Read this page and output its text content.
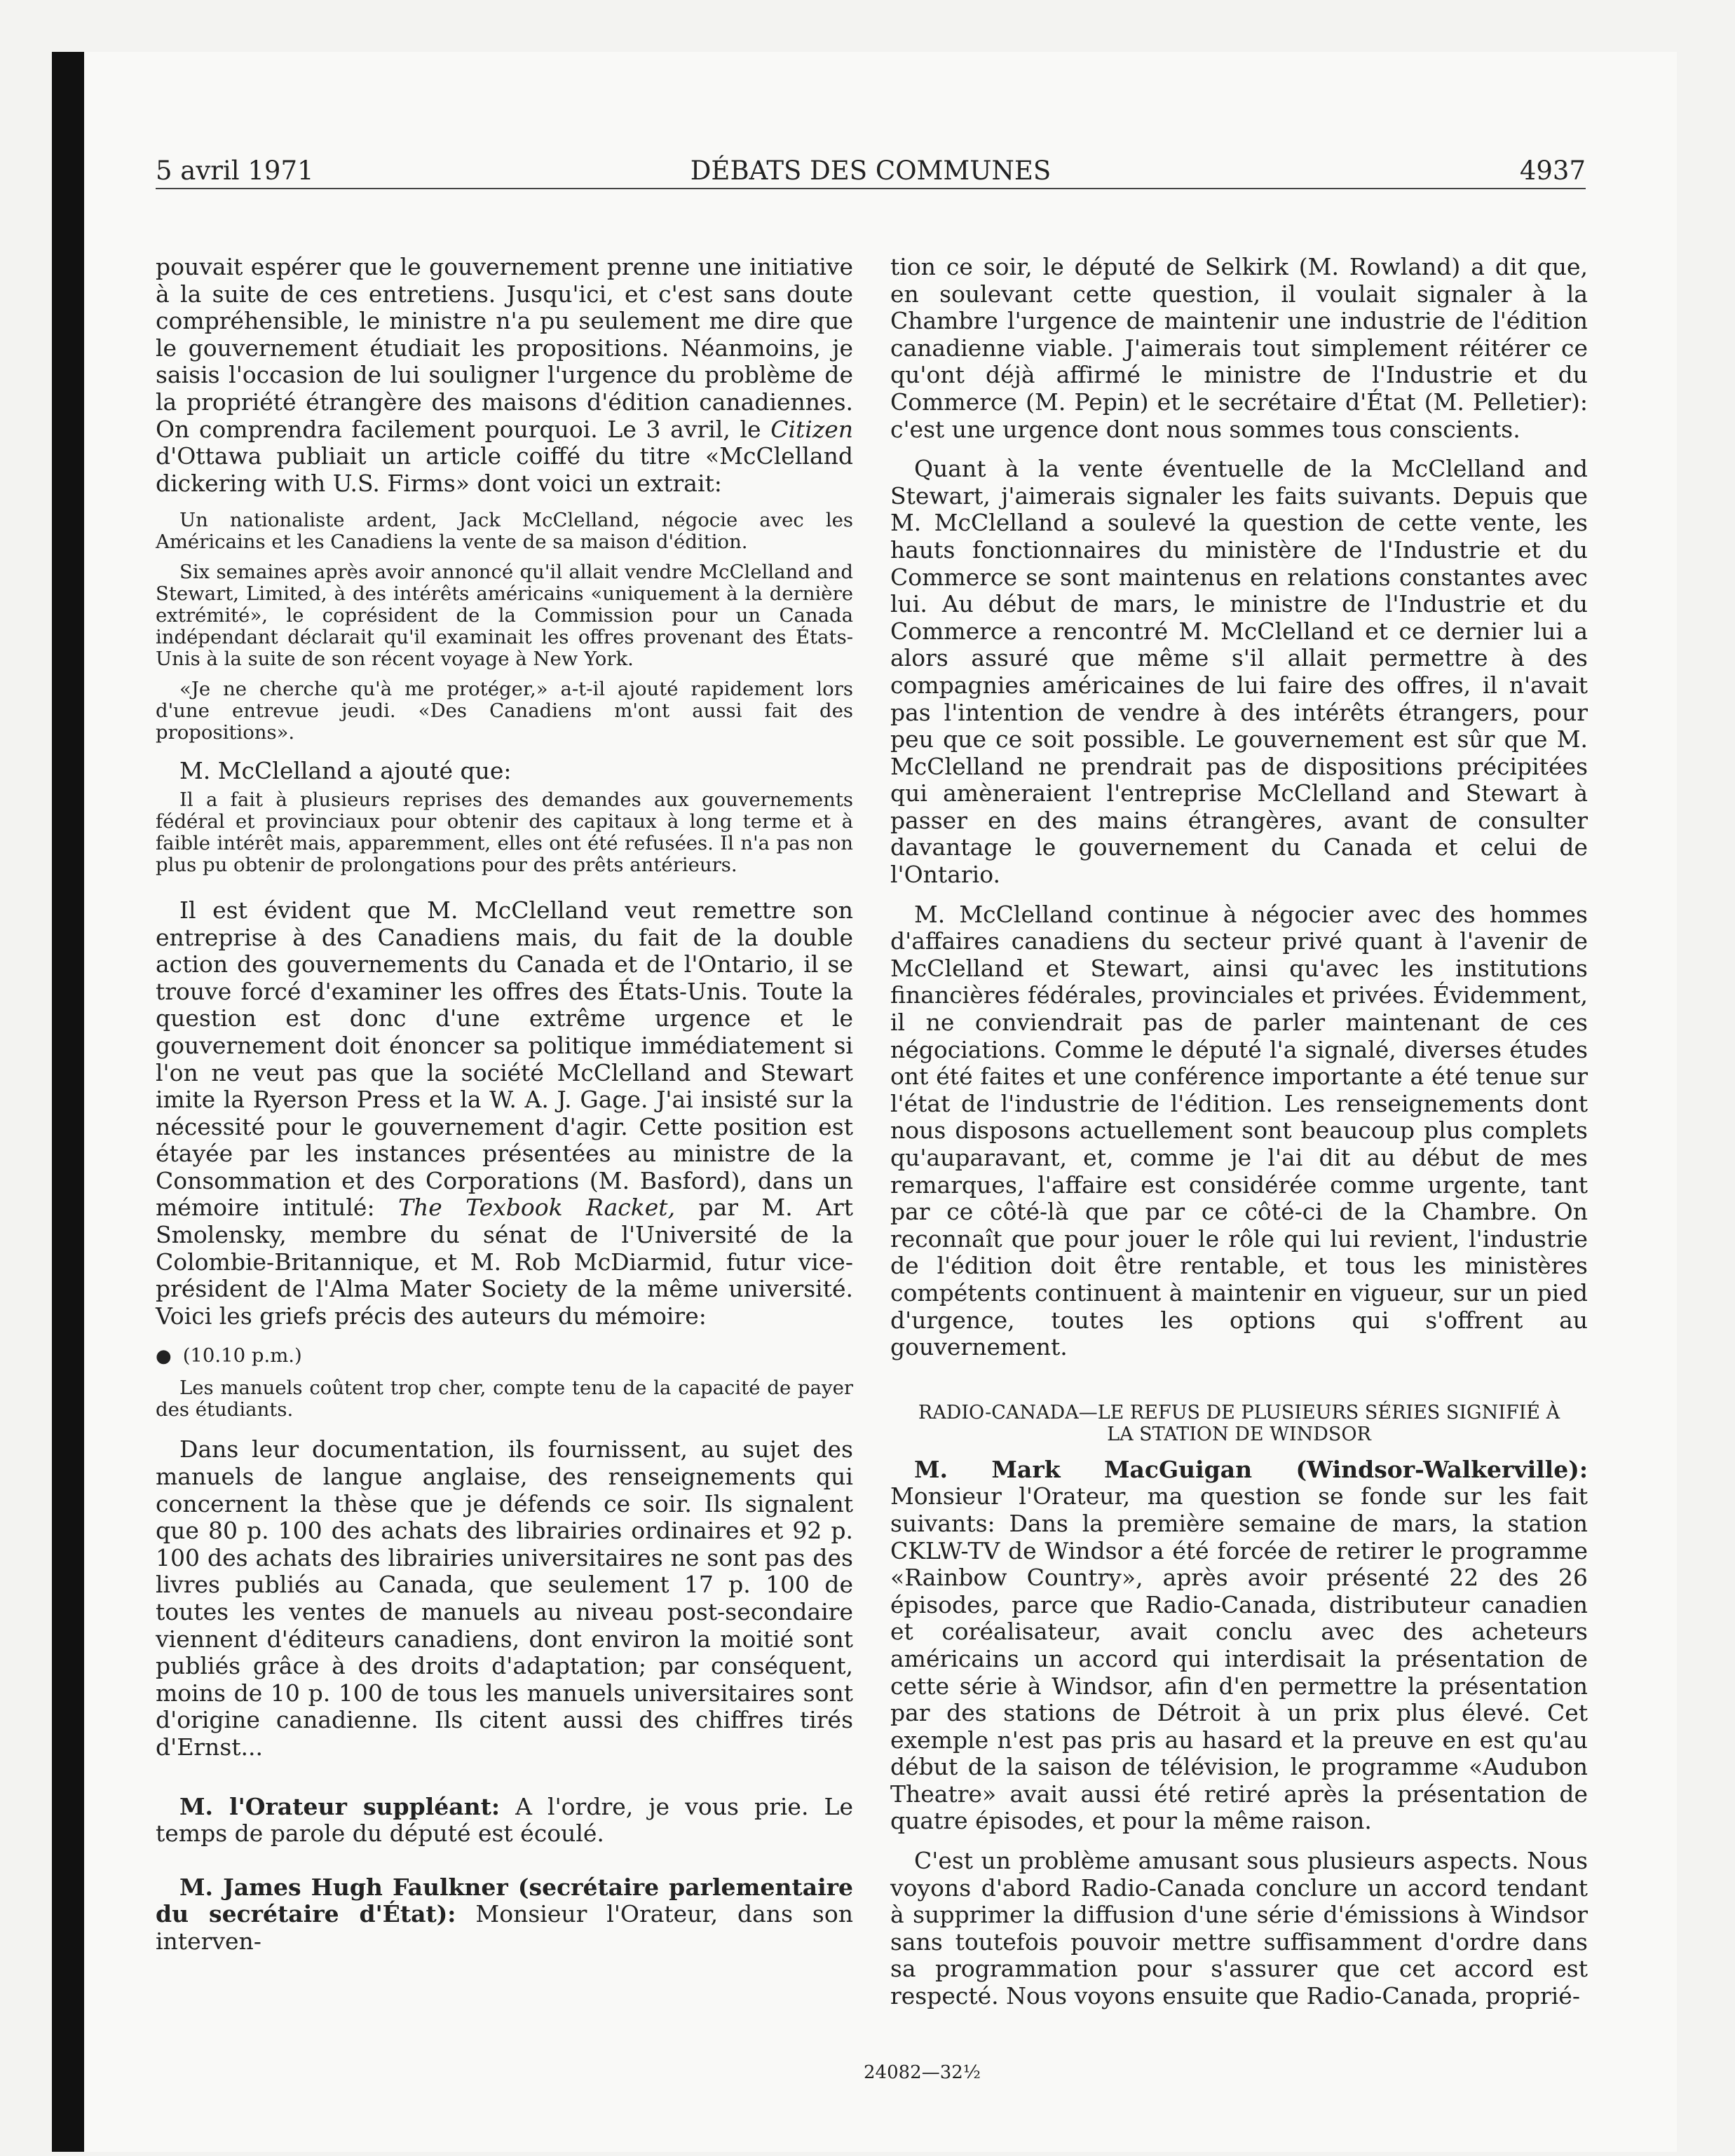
5 avril 1971	DÉBATS DES COMMUNES	4937

pouvait espérer que le gouvernement prenne une initiative à la suite de ces entretiens. Jusqu'ici, et c'est sans doute compréhensible, le ministre n'a pu seulement me dire que le gouvernement étudiait les propositions. Néanmoins, je saisis l'occasion de lui souligner l'urgence du problème de la propriété étrangère des maisons d'édition canadiennes. On comprendra facilement pourquoi. Le 3 avril, le Citizen d'Ottawa publiait un article coiffé du titre «McClelland dickering with U.S. Firms» dont voici un extrait:

Un nationaliste ardent, Jack McClelland, négocie avec les Américains et les Canadiens la vente de sa maison d'édition.

Six semaines après avoir annoncé qu'il allait vendre McClelland and Stewart, Limited, à des intérêts américains «uniquement à la dernière extrémité», le coprésident de la Commission pour un Canada indépendant déclarait qu'il examinait les offres provenant des États-Unis à la suite de son récent voyage à New York.

«Je ne cherche qu'à me protéger,» a-t-il ajouté rapidement lors d'une entrevue jeudi. «Des Canadiens m'ont aussi fait des propositions».

M. McClelland a ajouté que:

Il a fait à plusieurs reprises des demandes aux gouvernements fédéral et provinciaux pour obtenir des capitaux à long terme et à faible intérêt mais, apparemment, elles ont été refusées. Il n'a pas non plus pu obtenir de prolongations pour des prêts antérieurs.

Il est évident que M. McClelland veut remettre son entreprise à des Canadiens mais, du fait de la double action des gouvernements du Canada et de l'Ontario, il se trouve forcé d'examiner les offres des États-Unis. Toute la question est donc d'une extrême urgence et le gouvernement doit énoncer sa politique immédiatement si l'on ne veut pas que la société McClelland and Stewart imite la Ryerson Press et la W. A. J. Gage. J'ai insisté sur la nécessité pour le gouvernement d'agir. Cette position est étayée par les instances présentées au ministre de la Consommation et des Corporations (M. Basford), dans un mémoire intitulé: The Texbook Racket, par M. Art Smolensky, membre du sénat de l'Université de la Colombie-Britannique, et M. Rob McDiarmid, futur vice-président de l'Alma Mater Society de la même université. Voici les griefs précis des auteurs du mémoire:

● (10.10 p.m.)

Les manuels coûtent trop cher, compte tenu de la capacité de payer des étudiants.

Dans leur documentation, ils fournissent, au sujet des manuels de langue anglaise, des renseignements qui concernent la thèse que je défends ce soir. Ils signalent que 80 p. 100 des achats des librairies ordinaires et 92 p. 100 des achats des librairies universitaires ne sont pas des livres publiés au Canada, que seulement 17 p. 100 de toutes les ventes de manuels au niveau post-secondaire viennent d'éditeurs canadiens, dont environ la moitié sont publiés grâce à des droits d'adaptation; par conséquent, moins de 10 p. 100 de tous les manuels universitaires sont d'origine canadienne. Ils citent aussi des chiffres tirés d'Ernst...

M. l'Orateur suppléant: A l'ordre, je vous prie. Le temps de parole du député est écoulé.

M. James Hugh Faulkner (secrétaire parlementaire du secrétaire d'État): Monsieur l'Orateur, dans son interven-

tion ce soir, le député de Selkirk (M. Rowland) a dit que, en soulevant cette question, il voulait signaler à la Chambre l'urgence de maintenir une industrie de l'édition canadienne viable. J'aimerais tout simplement réitérer ce qu'ont déjà affirmé le ministre de l'Industrie et du Commerce (M. Pepin) et le secrétaire d'État (M. Pelletier): c'est une urgence dont nous sommes tous conscients.

Quant à la vente éventuelle de la McClelland and Stewart, j'aimerais signaler les faits suivants. Depuis que M. McClelland a soulevé la question de cette vente, les hauts fonctionnaires du ministère de l'Industrie et du Commerce se sont maintenus en relations constantes avec lui. Au début de mars, le ministre de l'Industrie et du Commerce a rencontré M. McClelland et ce dernier lui a alors assuré que même s'il allait permettre à des compagnies américaines de lui faire des offres, il n'avait pas l'intention de vendre à des intérêts étrangers, pour peu que ce soit possible. Le gouvernement est sûr que M. McClelland ne prendrait pas de dispositions précipitées qui amèneraient l'entreprise McClelland and Stewart à passer en des mains étrangères, avant de consulter davantage le gouvernement du Canada et celui de l'Ontario.

M. McClelland continue à négocier avec des hommes d'affaires canadiens du secteur privé quant à l'avenir de McClelland et Stewart, ainsi qu'avec les institutions financières fédérales, provinciales et privées. Évidemment, il ne conviendrait pas de parler maintenant de ces négociations. Comme le député l'a signalé, diverses études ont été faites et une conférence importante a été tenue sur l'état de l'industrie de l'édition. Les renseignements dont nous disposons actuellement sont beaucoup plus complets qu'auparavant, et, comme je l'ai dit au début de mes remarques, l'affaire est considérée comme urgente, tant par ce côté-là que par ce côté-ci de la Chambre. On reconnaît que pour jouer le rôle qui lui revient, l'industrie de l'édition doit être rentable, et tous les ministères compétents continuent à maintenir en vigueur, sur un pied d'urgence, toutes les options qui s'offrent au gouvernement.

RADIO-CANADA—LE REFUS DE PLUSIEURS SÉRIES SIGNIFIÉ À LA STATION DE WINDSOR

M. Mark MacGuigan (Windsor-Walkerville): Monsieur l'Orateur, ma question se fonde sur les fait suivants: Dans la première semaine de mars, la station CKLW-TV de Windsor a été forcée de retirer le programme «Rainbow Country», après avoir présenté 22 des 26 épisodes, parce que Radio-Canada, distributeur canadien et coréalisateur, avait conclu avec des acheteurs américains un accord qui interdisait la présentation de cette série à Windsor, afin d'en permettre la présentation par des stations de Détroit à un prix plus élevé. Cet exemple n'est pas pris au hasard et la preuve en est qu'au début de la saison de télévision, le programme «Audubon Theatre» avait aussi été retiré après la présentation de quatre épisodes, et pour la même raison.

C'est un problème amusant sous plusieurs aspects. Nous voyons d'abord Radio-Canada conclure un accord tendant à supprimer la diffusion d'une série d'émissions à Windsor sans toutefois pouvoir mettre suffisamment d'ordre dans sa programmation pour s'assurer que cet accord est respecté. Nous voyons ensuite que Radio-Canada, proprié-

24082—32½
